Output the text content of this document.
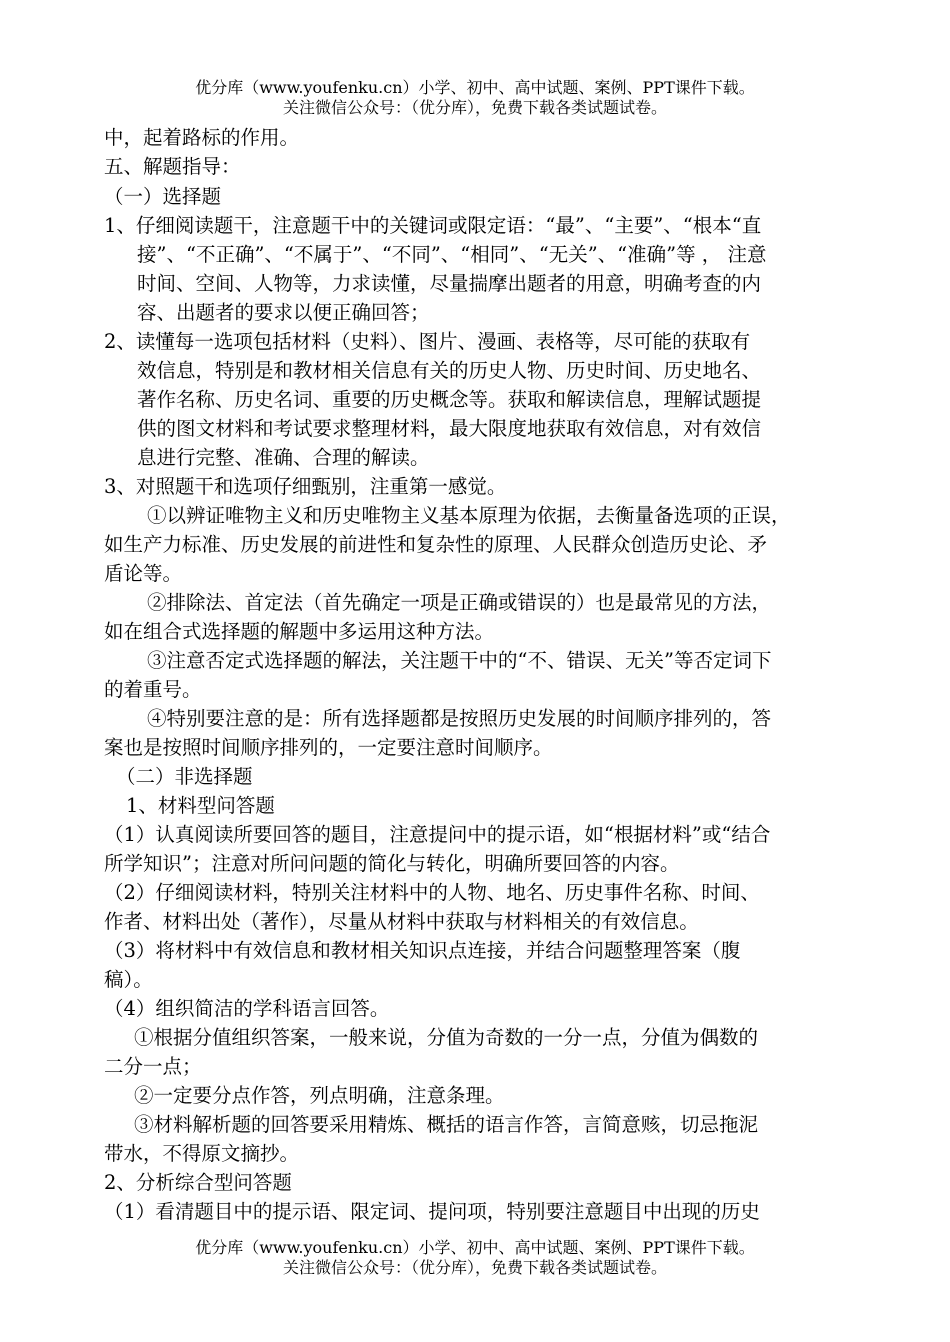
优分库（www.youfenku.cn）小学、初中、高中试题、案例、PPT课件下载。
关注微信公众号：（优分库），免费下载各类试题试卷。
中，起着路标的作用。
五、解题指导：
（一）选择题
1、仔细阅读题干，注意题干中的关键词或限定语：“最”、“主要”、“根本“直
接”、“不正确”、“不属于”、“不同”、“相同”、“无关”、“准确”等 ， 注意
时间、空间、人物等，力求读懂，尽量揣摩出题者的用意，明确考查的内
容、出题者的要求以便正确回答；
2、读懂每一选项包括材料（史料）、图片、漫画、表格等，尽可能的获取有
效信息，特别是和教材相关信息有关的历史人物、历史时间、历史地名、
著作名称、历史名词、重要的历史概念等。获取和解读信息，理解试题提
供的图文材料和考试要求整理材料，最大限度地获取有效信息，对有效信
息进行完整、准确、合理的解读。
3、对照题干和选项仔细甄别，注重第一感觉。
①以辨证唯物主义和历史唯物主义基本原理为依据，去衡量备选项的正误，
如生产力标准、历史发展的前进性和复杂性的原理、人民群众创造历史论、矛
盾论等。
②排除法、首定法（首先确定一项是正确或错误的）也是最常见的方法，
如在组合式选择题的解题中多运用这种方法。
③注意否定式选择题的解法，关注题干中的“不、错误、无关”等否定词下
的着重号。
④特别要注意的是：所有选择题都是按照历史发展的时间顺序排列的，答
案也是按照时间顺序排列的，一定要注意时间顺序。
（二）非选择题
1、材料型问答题
（1）认真阅读所要回答的题目，注意提问中的提示语，如“根据材料”或“结合
所学知识”；注意对所问问题的简化与转化，明确所要回答的内容。
（2）仔细阅读材料，特别关注材料中的人物、地名、历史事件名称、时间、
作者、材料出处（著作），尽量从材料中获取与材料相关的有效信息。
（3）将材料中有效信息和教材相关知识点连接，并结合问题整理答案（腹
稿）。
（4）组织简洁的学科语言回答。
①根据分值组织答案，一般来说，分值为奇数的一分一点，分值为偶数的
二分一点；
②一定要分点作答，列点明确，注意条理。
③材料解析题的回答要采用精炼、概括的语言作答，言简意赅，切忌拖泥
带水，不得原文摘抄。
2、分析综合型问答题
（1）看清题目中的提示语、限定词、提问项，特别要注意题目中出现的历史
优分库（www.youfenku.cn）小学、初中、高中试题、案例、PPT课件下载。
关注微信公众号：（优分库），免费下载各类试题试卷。
